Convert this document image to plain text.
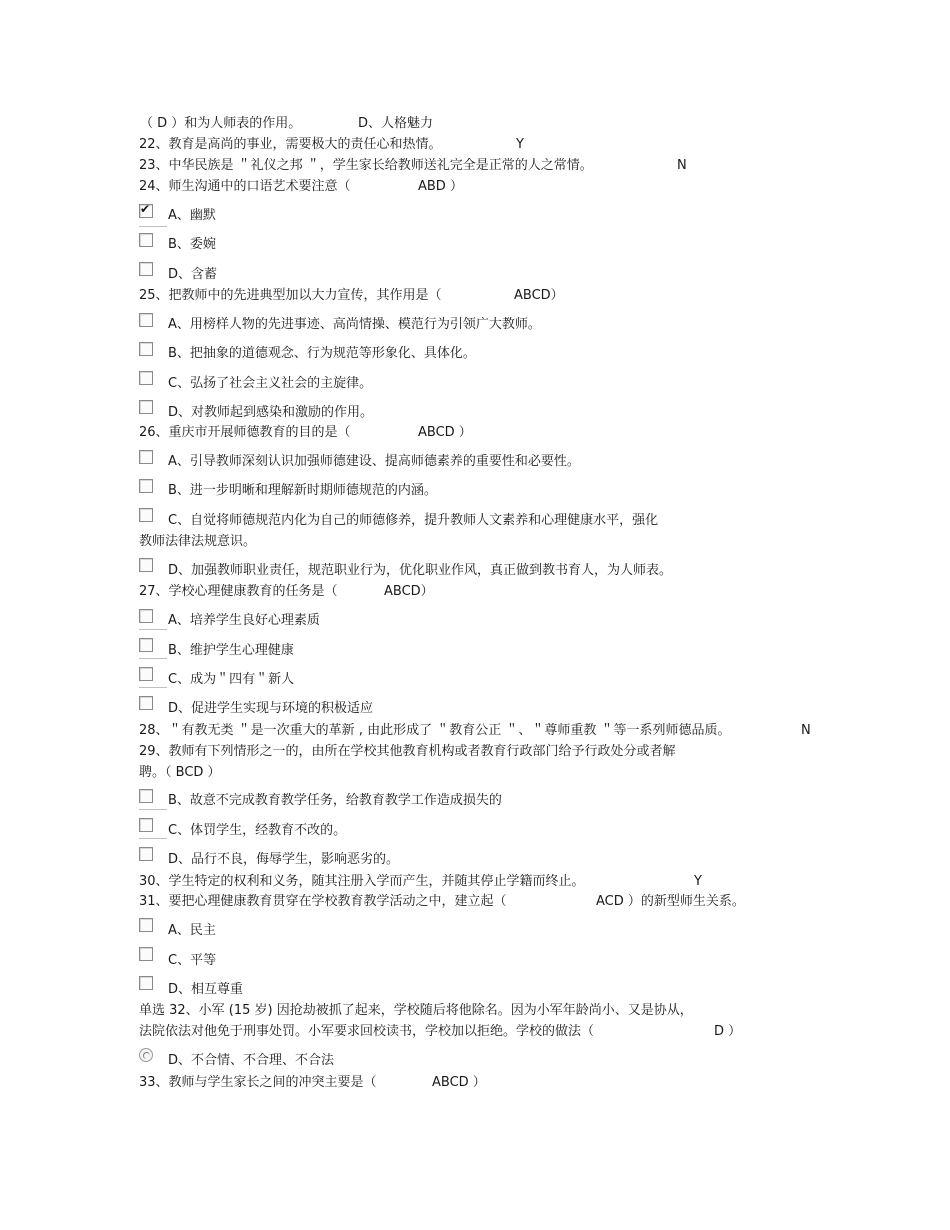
（ D ）和为人师表的作用。	D、人格魅力
22、教育是高尚的事业，需要极大的责任心和热情。	Y
23、中华民族是 ＂礼仪之邦 ＂，学生家长给教师送礼完全是正常的人之常情。	N
24、师生沟通中的口语艺术要注意（	ABD ）
✔
A、幽默
B、委婉
D、含蓄
25、把教师中的先进典型加以大力宣传，其作用是（	ABCD）
A、用榜样人物的先进事迹、高尚情操、模范行为引领广大教师。
B、把抽象的道德观念、行为规范等形象化、具体化。
C、弘扬了社会主义社会的主旋律。
D、对教师起到感染和激励的作用。
26、重庆市开展师德教育的目的是（	ABCD ）
A、引导教师深刻认识加强师德建设、提高师德素养的重要性和必要性。
B、进一步明晰和理解新时期师德规范的内涵。
C、自觉将师德规范内化为自己的师德修养，提升教师人文素养和心理健康水平，强化
教师法律法规意识。
D、加强教师职业责任，规范职业行为，优化职业作风，真正做到教书育人，为人师表。
27、学校心理健康教育的任务是（	ABCD）
A、培养学生良好心理素质
B、维护学生心理健康
C、成为＂四有＂新人
D、促进学生实现与环境的积极适应
28、＂有教无类 ＂是一次重大的革新 , 由此形成了 ＂教育公正 ＂、＂尊师重教 ＂等一系列师德品质。	N
29、教师有下列情形之一的，由所在学校其他教育机构或者教育行政部门给予行政处分或者解
聘。（ BCD ）
B、故意不完成教育教学任务，给教育教学工作造成损失的
C、体罚学生，经教育不改的。
D、品行不良，侮辱学生，影响恶劣的。
30、学生特定的权利和义务，随其注册入学而产生，并随其停止学籍而终止。	Y
31、要把心理健康教育贯穿在学校教育教学活动之中，建立起（	ACD ）的新型师生关系。
A、民主
C、平等
D、相互尊重
单选 32、小军 (15 岁) 因抢劫被抓了起来，学校随后将他除名。因为小军年龄尚小、又是协从，
法院依法对他免于刑事处罚。小军要求回校读书，学校加以拒绝。学校的做法（	D ）
D、不合情、不合理、不合法
33、教师与学生家长之间的冲突主要是（	ABCD ）
